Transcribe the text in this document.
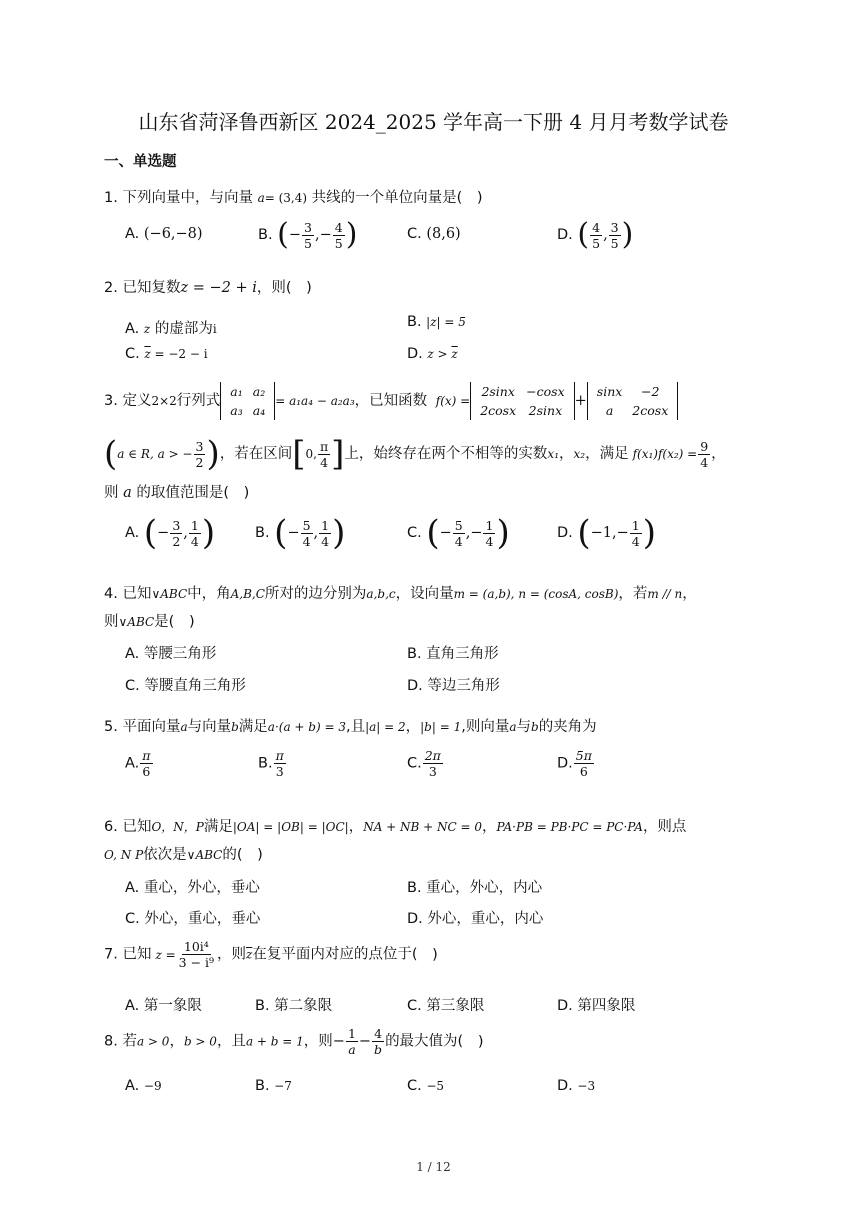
山东省菏泽鲁西新区 2024_2025 学年高一下册 4 月月考数学试卷
一、单选题
1. 下列向量中，与向量 a= (3,4) 共线的一个单位向量是( )
A. (−6,−8)	B. (− $\frac{3}{5}$ ,− $\frac{4}{5}$ )	C. (8,6)	D. ( $\frac{4}{5}$ , $\frac{3}{5}$ )
2. 已知复数z = −2 + i，则( )
A. z 的虚部为i	B. |z| = 5
C. $\overline{z} = -2 - i$	D. $z > \overline{z}$
3. 定义2×2行列式
a₁	a₂
a₃	a₄
= a₁a₄ − a₂a₃，已知函数 f(x) =
2sinx	−cosx
2cosx	2sinx
+
sinx	−2
a	2cosx
(a ∈ R, a > − $\frac{3}{2}$ )，若在区间[0, $\frac{\pi}{4}$ ]上，始终存在两个不相等的实数x₁，x₂，满足 $f(x_1)f(x_2) = \frac{9}{4}$ ，
则 a 的取值范围是( )
A. (− $\frac{3}{2}$ , $\frac{1}{4}$ )	B. (− $\frac{5}{4}$ , $\frac{1}{4}$ )	C. (− $\frac{5}{4}$ ,− $\frac{1}{4}$ )	D. ($-1,- \frac{1}{4}$ )
4. 已知∨ABC中，角A,B,C所对的边分别为a,b,c，设向量m = (a,b), n = (cosA, cosB)，若m // n，
则∨ABC是( )
A. 等腰三角形	B. 直角三角形
C. 等腰直角三角形	D. 等边三角形
5. 平面向量a与向量b满足a·(a + b) = 3,且|a| = 2，|b| = 1,则向量a与b的夹角为
A. $\frac{\pi}{6}$	B. $\frac{\pi}{3}$	C. $\frac{2\pi}{3}$	D. $\frac{5\pi}{6}$
6. 已知O，N，P满足|OA| = |OB| = |OC|，NA + NB + NC = 0，PA·PB = PB·PC = PC·PA，则点
O, N P依次是∨ABC的( )
A. 重心，外心，垂心	B. 重心，外心，内心
C. 外心，重心，垂心	D. 外心，重心，内心
7. 已知 $z = \frac{\text{10i⁴}}{\text{3 − i⁹}}$ ，则$\overline{z}$在复平面内对应的点位于( )
A. 第一象限	B. 第二象限	C. 第三象限	D. 第四象限
8. 若a > 0，b > 0，且a + b = 1，则− $\frac{1}{a} - \frac{4}{b}$ 的最大值为( )
A. −9	B. −7	C. −5	D. −3
1 / 12
